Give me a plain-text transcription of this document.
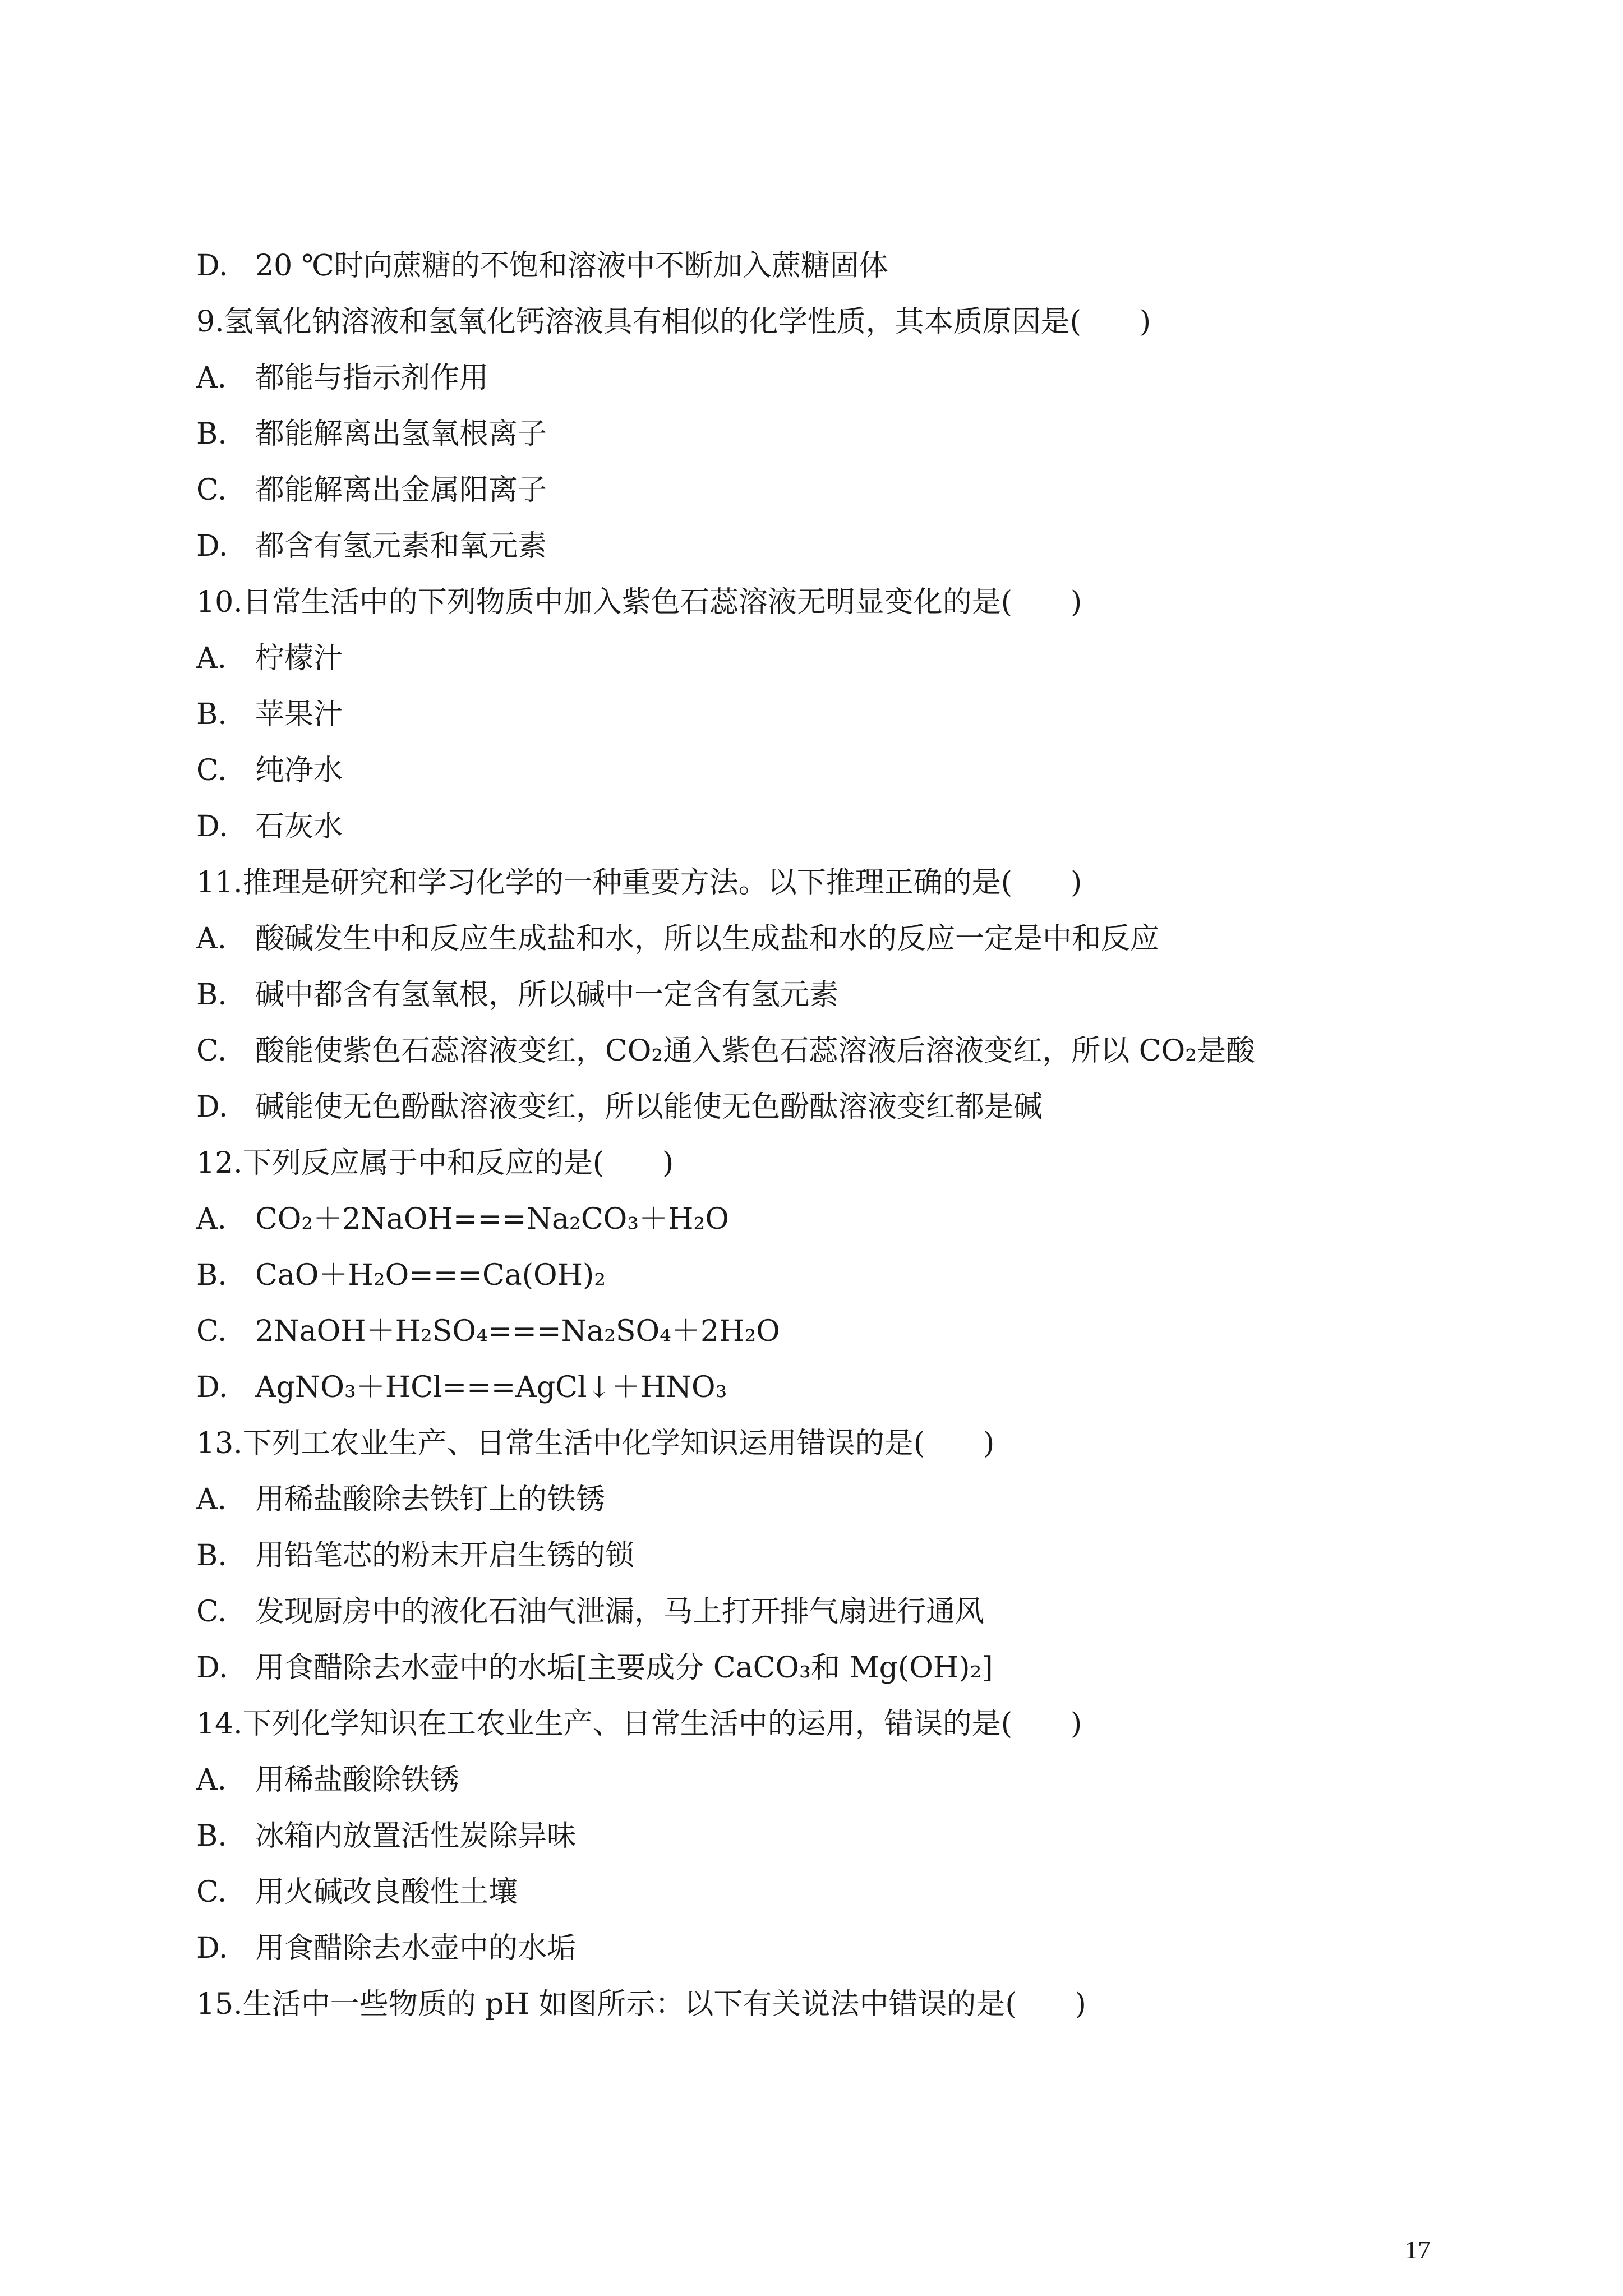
D. 20 ℃时向蔗糖的不饱和溶液中不断加入蔗糖固体
9.氢氧化钠溶液和氢氧化钙溶液具有相似的化学性质，其本质原因是(　　)
A. 都能与指示剂作用
B. 都能解离出氢氧根离子
C. 都能解离出金属阳离子
D. 都含有氢元素和氧元素
10.日常生活中的下列物质中加入紫色石蕊溶液无明显变化的是(　　)
A. 柠檬汁
B. 苹果汁
C. 纯净水
D. 石灰水
11.推理是研究和学习化学的一种重要方法。以下推理正确的是(　　)
A. 酸碱发生中和反应生成盐和水，所以生成盐和水的反应一定是中和反应
B. 碱中都含有氢氧根，所以碱中一定含有氢元素
C. 酸能使紫色石蕊溶液变红，CO₂通入紫色石蕊溶液后溶液变红，所以 CO₂是酸
D. 碱能使无色酚酞溶液变红，所以能使无色酚酞溶液变红都是碱
12.下列反应属于中和反应的是(　　)
A. CO₂＋2NaOH===Na₂CO₃＋H₂O
B. CaO＋H₂O===Ca(OH)₂
C. 2NaOH＋H₂SO₄===Na₂SO₄＋2H₂O
D. AgNO₃＋HCl===AgCl↓＋HNO₃
13.下列工农业生产、日常生活中化学知识运用错误的是(　　)
A. 用稀盐酸除去铁钉上的铁锈
B. 用铅笔芯的粉末开启生锈的锁
C. 发现厨房中的液化石油气泄漏，马上打开排气扇进行通风
D. 用食醋除去水壶中的水垢[主要成分 CaCO₃和 Mg(OH)₂]
14.下列化学知识在工农业生产、日常生活中的运用，错误的是(　　)
A. 用稀盐酸除铁锈
B. 冰箱内放置活性炭除异味
C. 用火碱改良酸性土壤
D. 用食醋除去水壶中的水垢
15.生活中一些物质的 pH 如图所示：以下有关说法中错误的是(　　)
17
